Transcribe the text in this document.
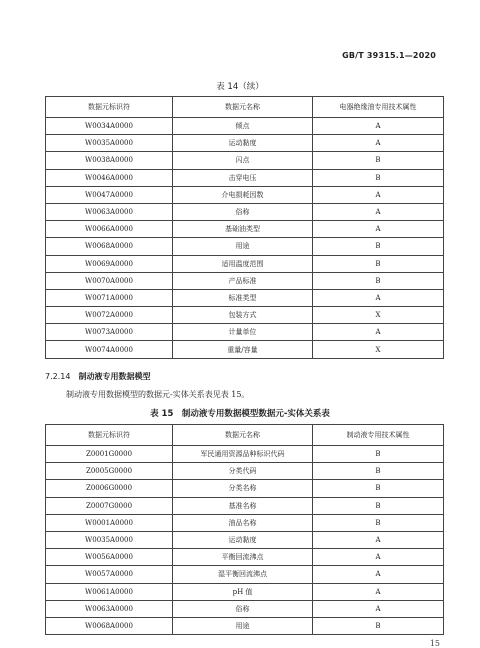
GB/T 39315.1—2020
表 14（续）
数据元标识符	数据元名称	电器绝缘油专用技术属性
W0034A0000	倾点	A
W0035A0000	运动黏度	A
W0038A0000	闪点	B
W0046A0000	击穿电压	B
W0047A0000	介电损耗因数	A
W0063A0000	俗称	A
W0066A0000	基础油类型	A
W0068A0000	用途	B
W0069A0000	适用温度范围	B
W0070A0000	产品标准	B
W0071A0000	标准类型	A
W0072A0000	包装方式	X
W0073A0000	计量单位	A
W0074A0000	重量/容量	X
7.2.14 制动液专用数据模型
制动液专用数据模型的数据元-实体关系表见表 15。
表 15　制动液专用数据模型数据元-实体关系表
数据元标识符	数据元名称	制动液专用技术属性
Z0001G0000	军民通用资源品种标识代码	B
Z0005G0000	分类代码	B
Z0006G0000	分类名称	B
Z0007G0000	基准名称	B
W0001A0000	油品名称	B
W0035A0000	运动黏度	A
W0056A0000	平衡回流沸点	A
W0057A0000	湿平衡回流沸点	A
W0061A0000	pH 值	A
W0063A0000	俗称	A
W0068A0000	用途	B
15
